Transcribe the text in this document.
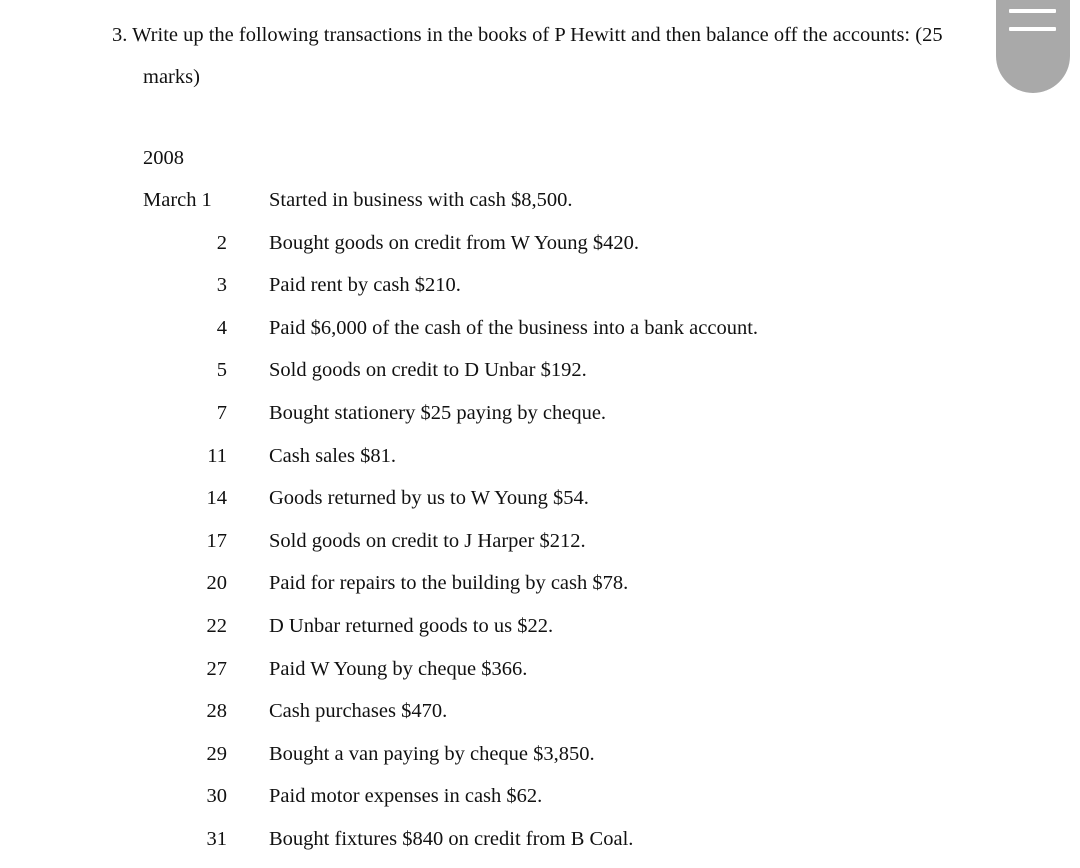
3. Write up the following transactions in the books of P Hewitt and then balance off the accounts: (25
marks)
2008
March 1	Started in business with cash $8,500.
2 Bought goods on credit from W Young $420.
3 Paid rent by cash $210.
4 Paid $6,000 of the cash of the business into a bank account.
5 Sold goods on credit to D Unbar $192.
7 Bought stationery $25 paying by cheque.
11 Cash sales $81.
14 Goods returned by us to W Young $54.
17 Sold goods on credit to J Harper $212.
20 Paid for repairs to the building by cash $78.
22 D Unbar returned goods to us $22.
27 Paid W Young by cheque $366.
28 Cash purchases $470.
29 Bought a van paying by cheque $3,850.
30 Paid motor expenses in cash $62.
31 Bought fixtures $840 on credit from B Coal.
